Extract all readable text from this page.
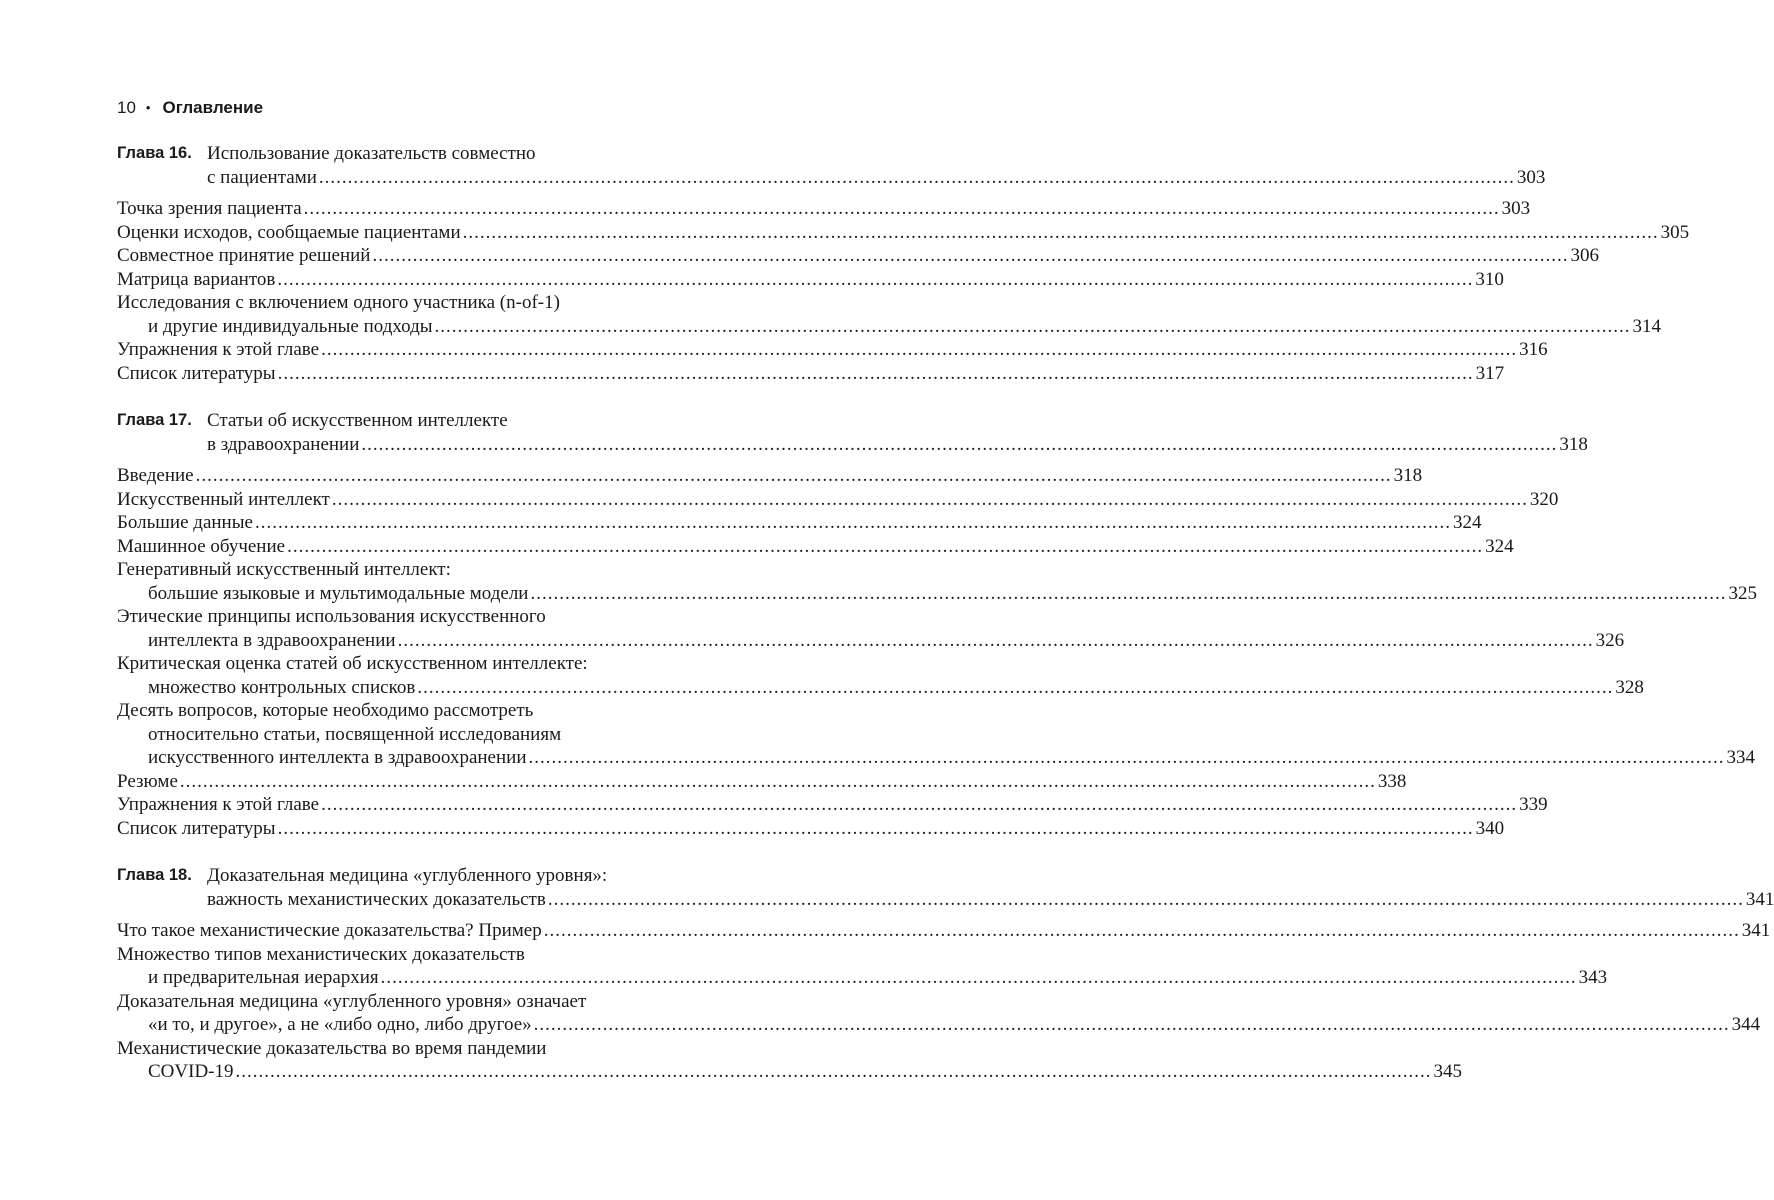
10 • Оглавление
Глава 16. Использование доказательств совместно
с пациентами .....	303
Точка зрения пациента .....	303
Оценки исходов, сообщаемые пациентами .....	305
Совместное принятие решений .....	306
Матрица вариантов .....	310
Исследования с включением одного участника (n-of-1)
и другие индивидуальные подходы .....	314
Упражнения к этой главе .....	316
Список литературы .....	317
Глава 17. Статьи об искусственном интеллекте
в здравоохранении .....	318
Введение .....	318
Искусственный интеллект .....	320
Большие данные .....	324
Машинное обучение .....	324
Генеративный искусственный интеллект:
большие языковые и мультимодальные модели .....	325
Этические принципы использования искусственного
интеллекта в здравоохранении .....	326
Критическая оценка статей об искусственном интеллекте:
множество контрольных списков .....	328
Десять вопросов, которые необходимо рассмотреть
относительно статьи, посвященной исследованиям
искусственного интеллекта в здравоохранении .....	334
Резюме .....	338
Упражнения к этой главе .....	339
Список литературы .....	340
Глава 18. Доказательная медицина «углубленного уровня»:
важность механистических доказательств .....	341
Что такое механистические доказательства? Пример .....	341
Множество типов механистических доказательств
и предварительная иерархия .....	343
Доказательная медицина «углубленного уровня» означает
«и то, и другое», а не «либо одно, либо другое» .....	344
Механистические доказательства во время пандемии
COVID-19 .....	345
